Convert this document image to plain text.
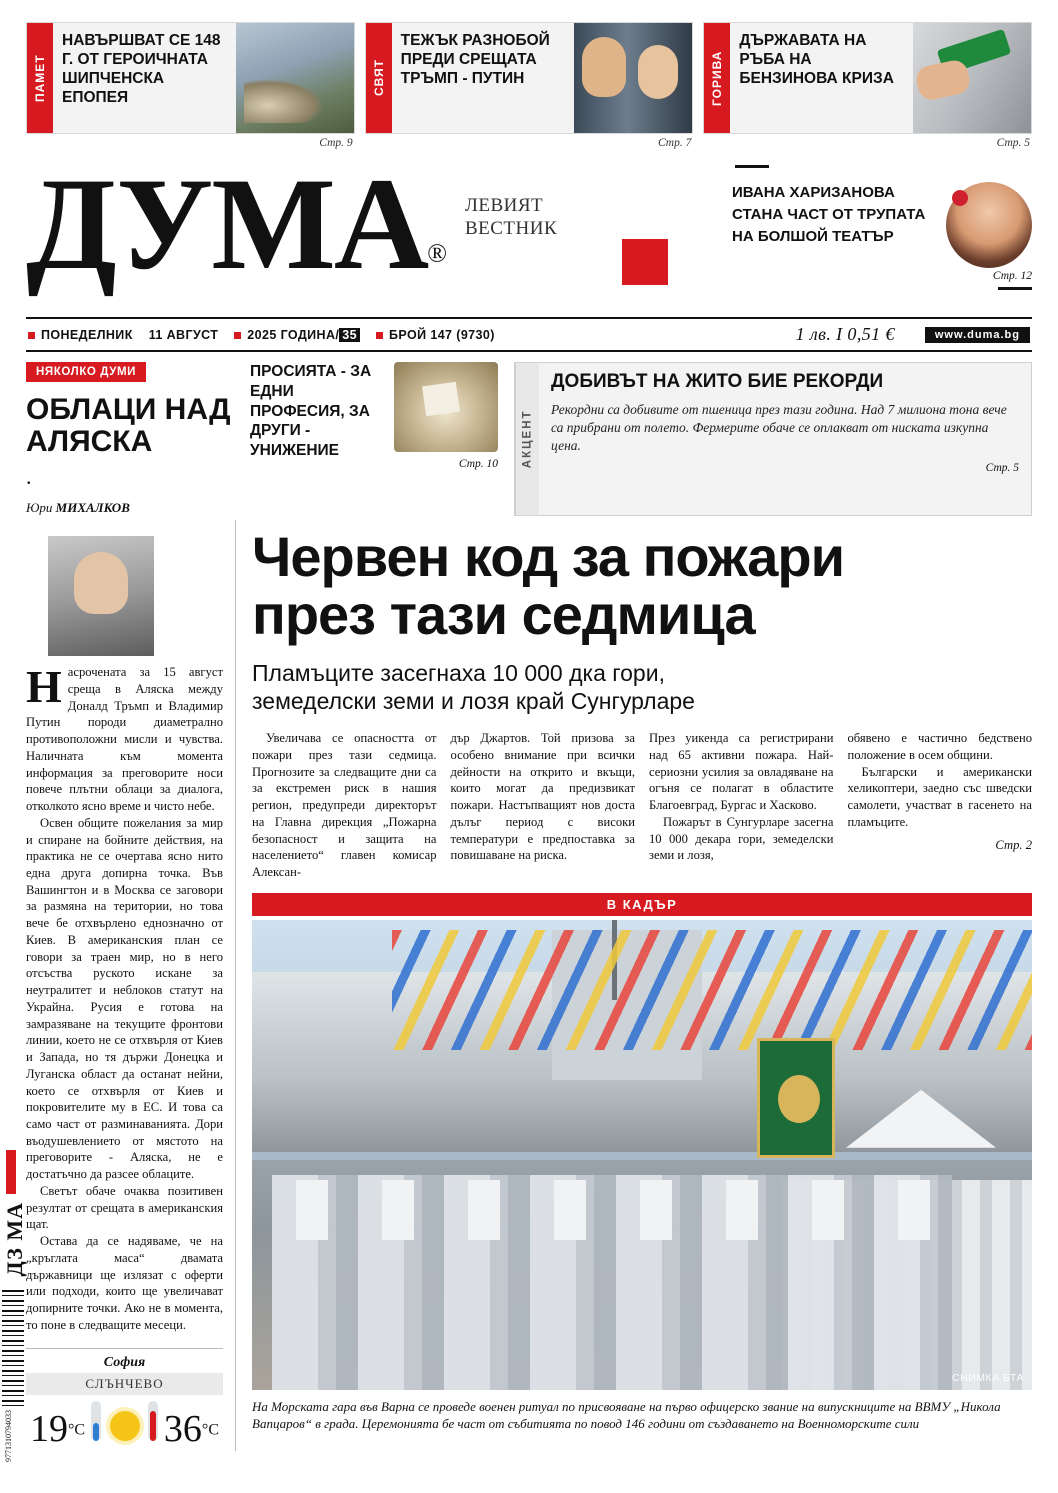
ПАМЕТ
НАВЪРШВАТ СЕ 148 Г. ОТ ГЕРОИЧНАТА ШИПЧЕНСКА ЕПОПЕЯ
СВЯТ
ТЕЖЪК РАЗНОБОЙ ПРЕДИ СРЕЩАТА ТРЪМП - ПУТИН	ГОРИВА
ДЪРЖАВАТА НА РЪБА НА БЕНЗИНОВА КРИЗА
Стр. 9	Стр. 7	Стр. 5
ДУМА®
ЛЕВИЯТ
ВЕСТНИК
ИВАНА ХАРИЗАНОВА СТАНА ЧАСТ ОТ ТРУПАТА НА БОЛШОЙ ТЕАТЪР
Стр. 12
ПОНЕДЕЛНИК 11 АВГУСТ	2025 ГОДИНА/ 35	БРОЙ 147 (9730)	1 лв. I 0,51 €	www.duma.bg
НЯКОЛКО ДУМИ
ОБЛАЦИ НАД АЛЯСКА
.
Юри МИХАЛКОВ
ПРОСИЯТА - ЗА ЕДНИ ПРОФЕСИЯ, ЗА ДРУГИ - УНИЖЕНИЕ
Стр. 10	АКЦЕНТ
ДОБИВЪТ НА ЖИТО БИЕ РЕКОРДИ
Рекордни са добивите от пшеница през тази година. Над 7 милиона тона вече са прибрани от полето. Фермерите обаче се оплакват от ниската изкупна цена.
Стр. 5

Насрочената за 15 август среща в Аляска между Доналд Тръмп и Владимир Путин породи диаметрално противоположни мисли и чувства. Наличната към момента информация за преговорите носи повече плътни облаци за диалога, отколкото ясно време и чисто небе.

Освен общите пожелания за мир и спиране на бойните действия, на практика не се очертава ясно нито една друга допирна точка. Във Вашингтон и в Москва се заговори за размяна на територии, но това вече бе отхвърлено еднозначно от Киев. В американския план се говори за траен мир, но в него отсъства руското искане за неутралитет и неблоков статут на Украйна. Русия е готова на замразяване на текущите фронтови линии, което не се отхвърля от Киев и Запада, но тя държи Донецка и Луганска област да останат нейни, което се отхвърля от Киев и покровителите му в ЕС. И това са само част от разминаванията. Дори въодушевлението от мястото на преговорите - Аляска, не е достатъчно да разсее облаците.

Светът обаче очаква позитивен резултат от срещата в американския щат.

Остава да се надяваме, че на „кръглата маса“ двамата държавници ще излязат с оферти или подходи, които ще увеличават допирните точки. Ако не в момента, то поне в следващите месеци.

София
СЛЪНЧЕВО
$19^{^\circ C}$	$36^{^\circ C}$
Червен код за пожари
през тази седмица
Пламъците засегнаха 10 000 дка гори,
земеделски земи и лозя край Сунгурларе

Увеличава се опасността от пожари през тази седмица. Прогнозите за следващите дни са за екстремен риск в нашия регион, предупреди директорът на Главна дирекция „Пожарна безопасност и защита на населението“ главен комисар Алексан-

дър Джартов. Той призова за особено внимание при всички дейности на открито и вкъщи, които могат да предизвикат пожари. Настъпващият нов доста дълъг период с високи температури е предпоставка за повишаване на риска.

През уикенда са регистрирани над 65 активни пожара. Най-сериозни усилия за овладяване на огъня се полагат в областите Благоевград, Бургас и Хасково.

Пожарът в Сунгурларе засегна 10 000 декара гори, земеделски земи и лозя,

обявено е частично бедствено положение в осем общини.

Български и американски хеликоптери, заедно със шведски самолети, участват в гасенето на пламъците.

Стр. 2

В КАДЪР
СНИМКА БТА
На Морската гара във Варна се проведе военен ритуал по присвояване на първо офицерско звание на випускниците на ВВМУ „Никола Вапцаров“ в града. Церемонията бе част от събитията по повод 146 години от създаването на Военноморските сили
ДЗ МА
9771310794033
